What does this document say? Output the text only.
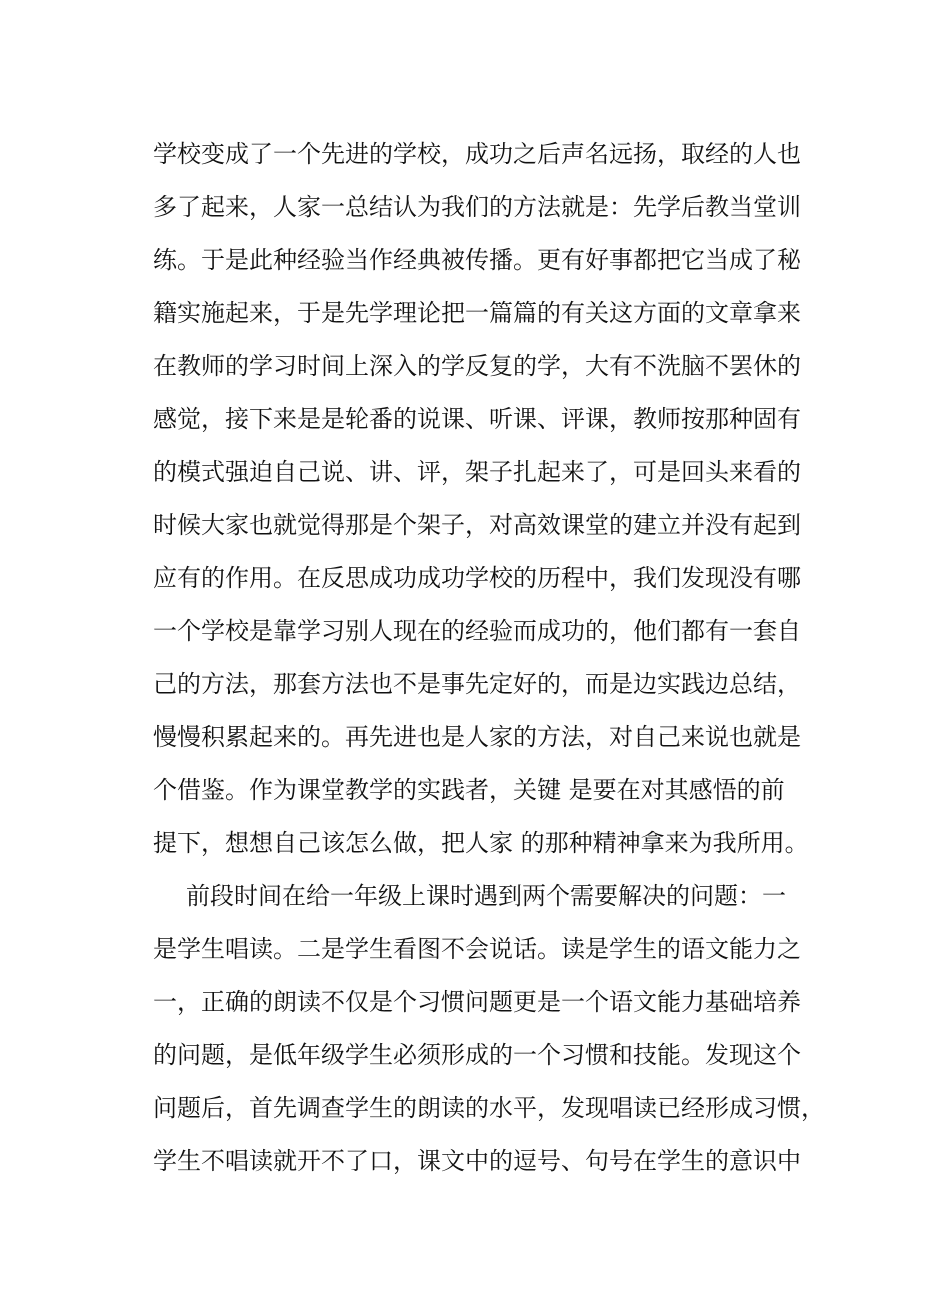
学校变成了一个先进的学校，成功之后声名远扬，取经的人也
多了起来，人家一总结认为我们的方法就是：先学后教当堂训
练。于是此种经验当作经典被传播。更有好事都把它当成了秘
籍实施起来，于是先学理论把一篇篇的有关这方面的文章拿来
在教师的学习时间上深入的学反复的学，大有不洗脑不罢休的
感觉，接下来是是轮番的说课、听课、评课，教师按那种固有
的模式强迫自己说、讲、评，架子扎起来了，可是回头来看的
时候大家也就觉得那是个架子，对高效课堂的建立并没有起到
应有的作用。在反思成功成功学校的历程中，我们发现没有哪
一个学校是靠学习别人现在的经验而成功的，他们都有一套自
己的方法，那套方法也不是事先定好的，而是边实践边总结，
慢慢积累起来的。再先进也是人家的方法，对自己来说也就是
个借鉴。作为课堂教学的实践者，关键 是要在对其感悟的前
提下，想想自己该怎么做，把人家 的那种精神拿来为我所用。
前段时间在给一年级上课时遇到两个需要解决的问题：一
是学生唱读。二是学生看图不会说话。读是学生的语文能力之
一，正确的朗读不仅是个习惯问题更是一个语文能力基础培养
的问题，是低年级学生必须形成的一个习惯和技能。发现这个
问题后，首先调查学生的朗读的水平，发现唱读已经形成习惯，
学生不唱读就开不了口，课文中的逗号、句号在学生的意识中
